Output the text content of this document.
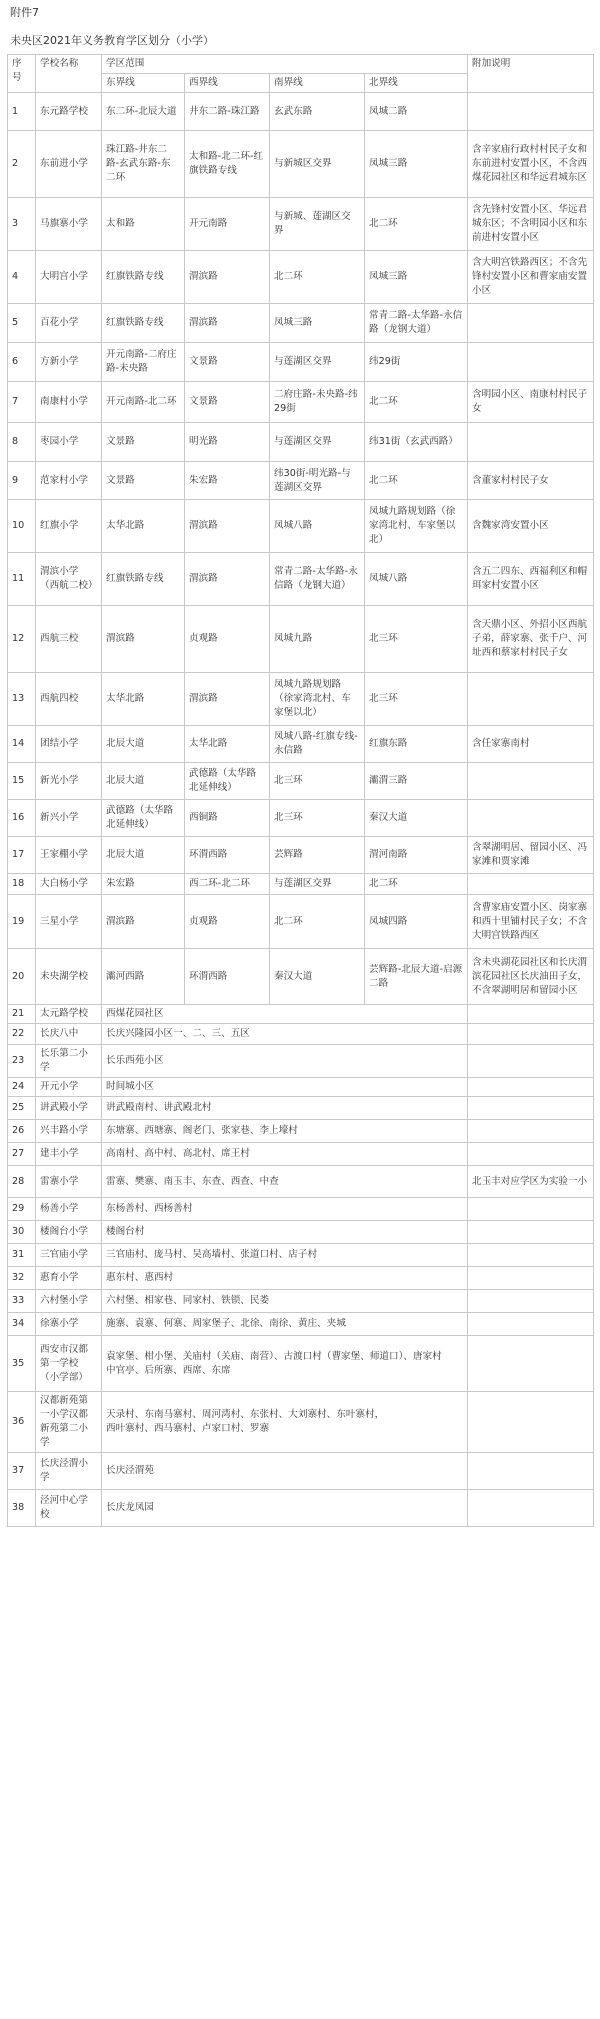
附件7
未央区2021年义务教育学区划分（小学）
序号	学校名称	学区范围				附加说明
		东界线	西界线	南界线	北界线	
1	东元路学校	东二环-北辰大道	井东二路-珠江路	玄武东路	凤城二路	
2	东前进小学	珠江路-井东二路-玄武东路-东二环	太和路-北二环-红旗铁路专线	与新城区交界	凤城三路	含辛家庙行政村村民子女和东前进村安置小区，不含西煤花园社区和华远君城东区
3	马旗寨小学	太和路	开元南路	与新城、莲湖区交界	北二环	含先锋村安置小区、华远君城东区；不含明园小区和东前进村安置小区
4	大明宫小学	红旗铁路专线	渭滨路	北二环	凤城三路	含大明宫铁路西区；不含先锋村安置小区和曹家庙安置小区
5	百花小学	红旗铁路专线	渭滨路	凤城三路	常青二路-太华路-永信路（龙钢大道）	
6	方新小学	开元南路-二府庄路-未央路	文景路	与莲湖区交界	纬29街	
7	南康村小学	开元南路-北二环	文景路	二府庄路-未央路-纬29街	北二环	含明园小区、南康村村民子女
8	枣园小学	文景路	明光路	与莲湖区交界	纬31街（玄武西路）	
9	范家村小学	文景路	朱宏路	纬30街-明光路-与莲湖区交界	北二环	含董家村村民子女
10	红旗小学	太华北路	渭滨路	凤城八路	凤城九路规划路（徐家湾北村、车家堡以北）	含魏家湾安置小区
11	渭滨小学（西航二校）	红旗铁路专线	渭滨路	常青二路-太华路-永信路（龙钢大道）	凤城八路	含五二四东、西福利区和帽珥家村安置小区
12	西航三校	渭滨路	贞观路	凤城九路	北三环	含天鼎小区、外招小区西航子弟，薛家寨、张千户、河址西和蔡家村村民子女
13	西航四校	太华北路	渭滨路	凤城九路规划路（徐家湾北村、车家堡以北）	北三环	
14	团结小学	北辰大道	太华北路	凤城八路-红旗专线-永信路	红旗东路	含任家寨南村
15	新光小学	北辰大道	武德路（太华路北延伸线）	北三环	灞渭三路	
16	新兴小学	武德路（太华路北延伸线）	西铜路	北三环	秦汉大道	
17	王家棚小学	北辰大道	环渭西路	芸辉路	渭河南路	含翠湖明居、留园小区、冯家滩和贾家滩
18	大白杨小学	朱宏路	西二环-北二环	与莲湖区交界	北二环	
19	三星小学	渭滨路	贞观路	北二环	凤城四路	含曹家庙安置小区、岗家寨和西十里铺村民子女；不含大明宫铁路西区
20	未央湖学校	灞河西路	环渭西路	秦汉大道	芸辉路-北辰大道-启源二路	含未央湖花园社区和长庆渭滨花园社区长庆油田子女，不含翠湖明居和留园小区
21	太元路学校	西煤花园社区				
22	长庆八中	长庆兴隆园小区一、二、三、五区				
23	长乐第二小学	长乐西苑小区				
24	开元小学	时间城小区				
25	讲武殿小学	讲武殿南村、讲武殿北村				
26	兴丰路小学	东塘寨、西塘寨、阁老门、张家巷、李上壕村				
27	建丰小学	高南村、高中村、高北村、席王村				
28	雷寨小学	雷寨、樊寨、南玉丰、东查、西查、中查				北玉丰对应学区为实验一小
29	杨善小学	东杨善村、西杨善村				
30	楼阁台小学	楼阁台村				
31	三官庙小学	三官庙村、庞马村、吴高墙村、张道口村、店子村				
32	惠育小学	惠东村、惠西村				
33	六村堡小学	六村堡、相家巷、同家村、铁锁、民娄				
34	徐寨小学	施寨、袁寨、何寨、周家堡子、北徐、南徐、黄庄、夹城				
35	西安市汉都第一学校（小学部）	袁家堡、柑小堡、关庙村（关庙、南营）、古渡口村（曹家堡、师道口）、唐家村
中官亭、后所寨、西席、东席				
36	汉都新苑第一小学汉都新苑第二小学	天录村、东南马寨村、周河湾村、东张村、大刘寨村、东叶寨村，
西叶寨村、西马寨村、卢家口村、罗寨				
37	长庆泾渭小学	长庆泾渭苑				
38	泾河中心学校	长庆龙凤园				
